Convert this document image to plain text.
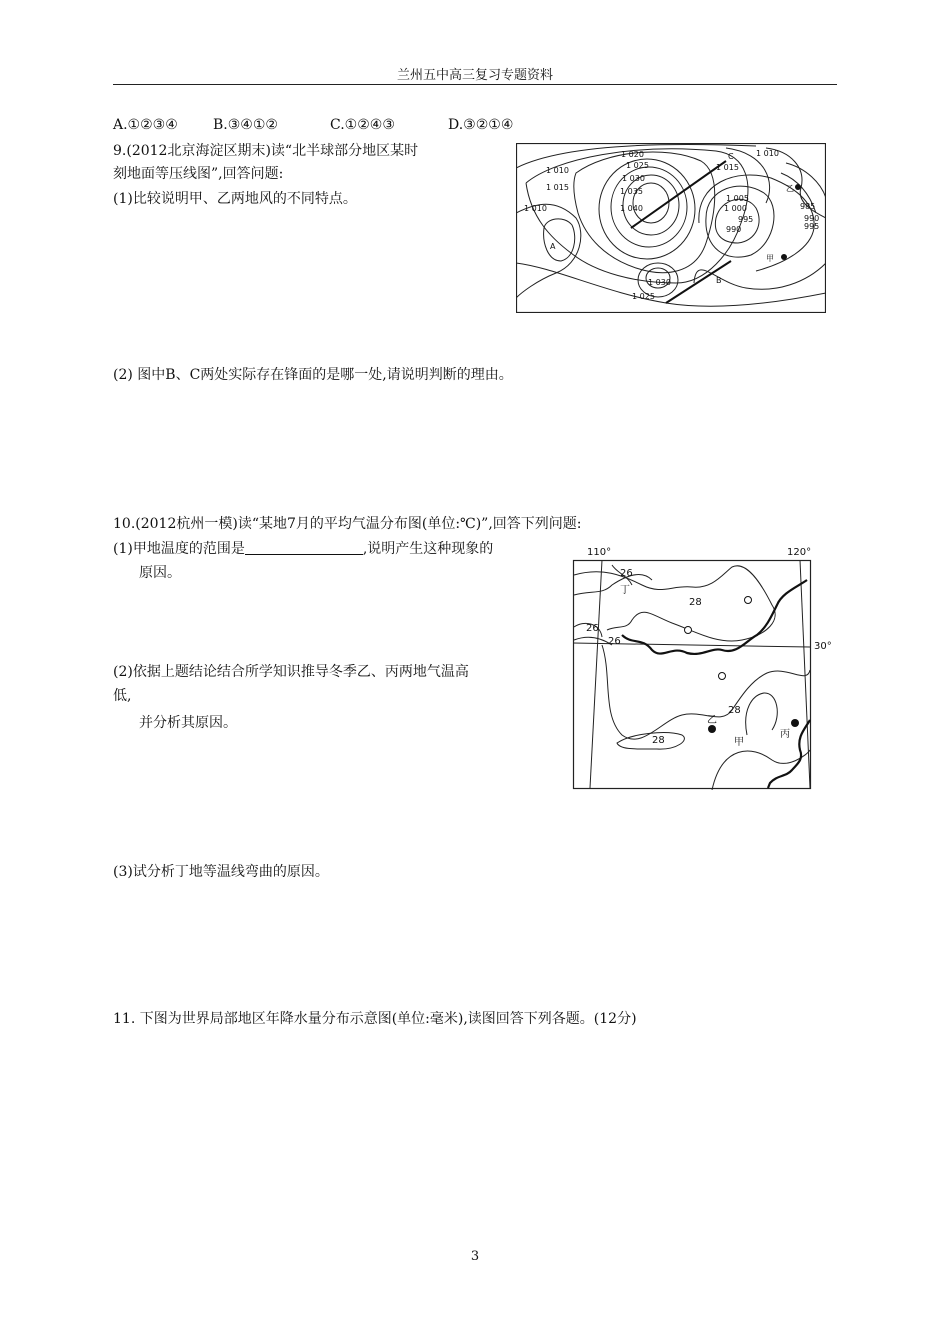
兰州五中高三复习专题资料
A.①②③④	B.③④①②	C.①②④③	D.③②①④
9.(2012北京海淀区期末)读“北半球部分地区某时
刻地面等压线图”,回答问题:
(1)比较说明甲、乙两地风的不同特点。
(2) 图中B、C两处实际存在锋面的是哪一处,请说明判断的理由。
1 020
1 010
1 025
1 015
1 030
1 035
1 010	1 040
1 015
1 010
1 005
1 000
995
990
985
990
995
1 030
1 025
A
B
C
乙
甲
10.(2012杭州一模)读“某地7月的平均气温分布图(单位:℃)”,回答下列问题:
(1)甲地温度的范围是	,说明产生这种现象的
原因。
(2)依据上题结论结合所学知识推导冬季乙、丙两地气温高
低,
并分析其原因。
(3)试分析丁地等温线弯曲的原因。
110°	120°
30°
26
26
26
28
28
28
丁
乙
甲
丙
11. 下图为世界局部地区年降水量分布示意图(单位:毫米),读图回答下列各题。(12分)
3
